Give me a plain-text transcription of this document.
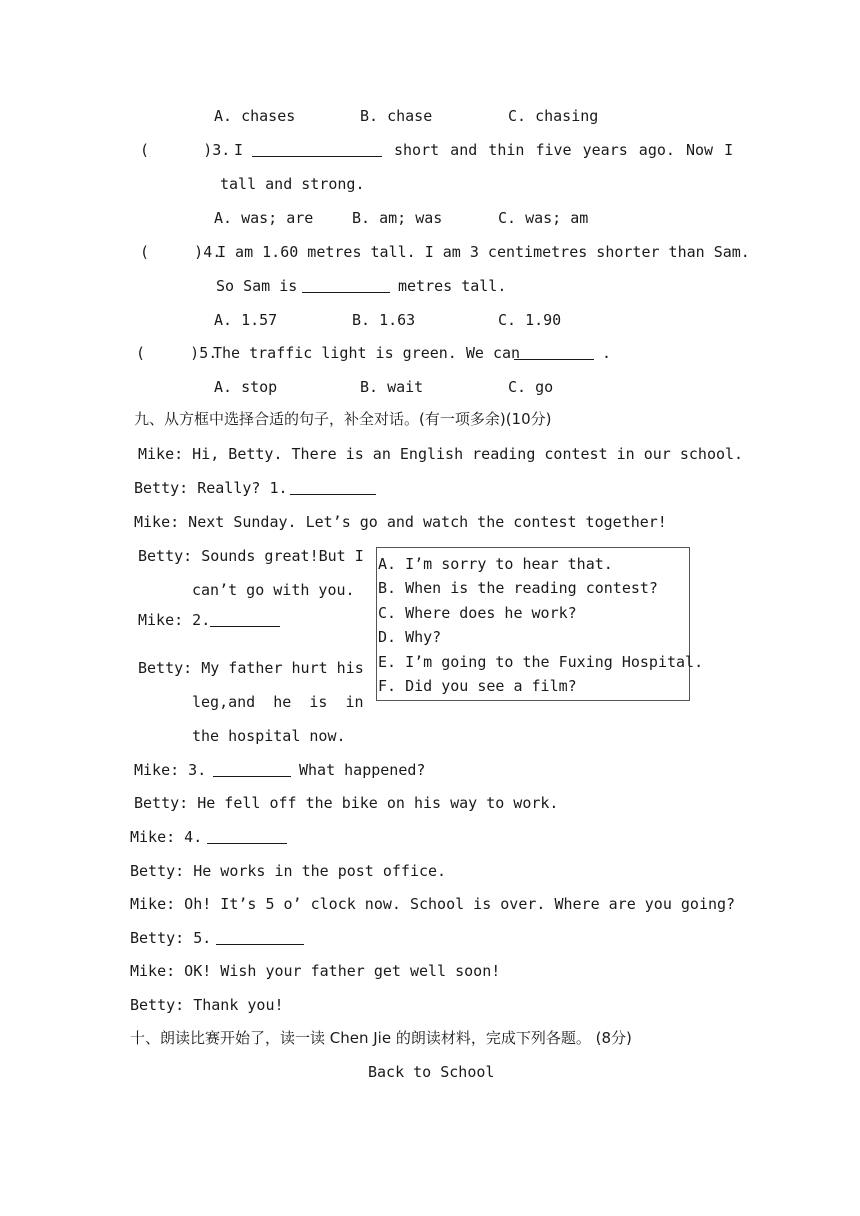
A. chases	B. chase	C. chasing
(      )3. I	short and thin five years ago. Now I
tall and strong.
A. was; are	B. am; was	C. was; am
(     )4.
I am 1.60 metres tall. I am 3 centimetres shorter than Sam.
So Sam is	metres tall.
A. 1.57	B. 1.63	C. 1.90
(     )5.
The traffic light is green. We can	.
A. stop	B. wait	C. go
九、从方框中选择合适的句子，补全对话。(有一项多余)(10分)
Mike: Hi, Betty. There is an English reading contest in our school.
Betty: Really? 1.
Mike: Next Sunday. Let’s go and watch the contest together!
Betty: Sounds great!But I
can’t go with you.
Mike: 2.
Betty: My father hurt his
leg,and  he  is  in
the hospital now.
Mike: 3.	What happened?
Betty: He fell off the bike on his way to work.
Mike: 4.
Betty: He works in the post office.
Mike: Oh! It’s 5 o’ clock now. School is over. Where are you going?
Betty: 5.
Mike: OK! Wish your father get well soon!
Betty: Thank you!
A. I’m sorry to hear that.
B. When is the reading contest?
C. Where does he work?
D. Why?
E. I’m going to the Fuxing Hospital.
F. Did you see a film?
十、朗读比赛开始了，读一读 Chen Jie 的朗读材料，完成下列各题。 (8分)
Back to School
